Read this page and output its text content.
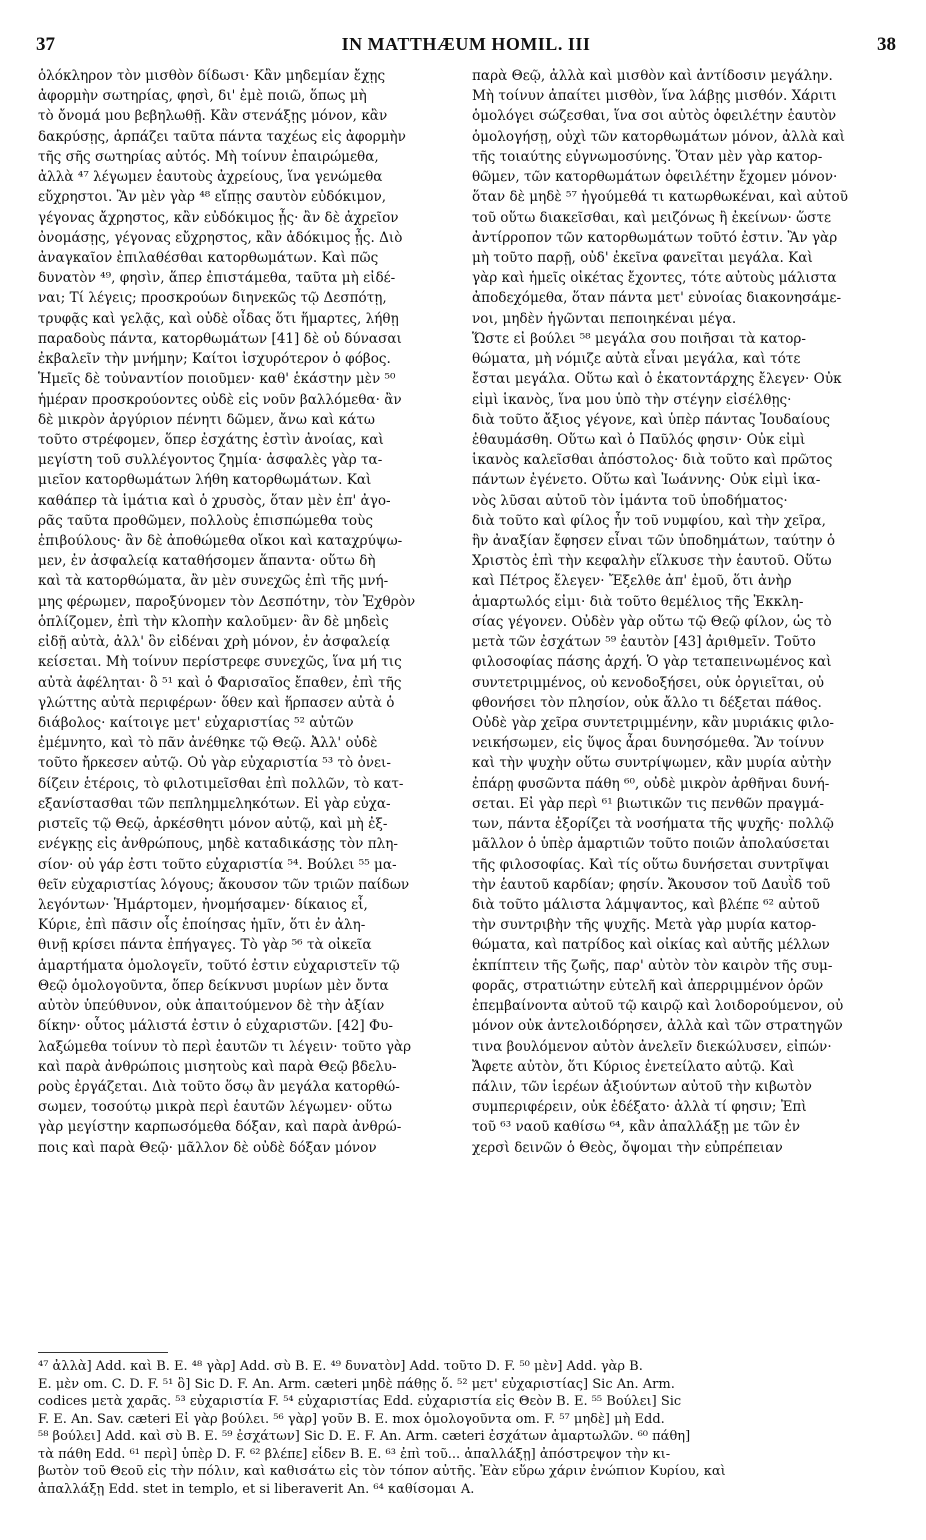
37	IN MATTHÆUM HOMIL. III	38

ὁλόκληρον τὸν μισθὸν δίδωσι· Κἂν μηδεμίαν ἔχῃς

ἀφορμὴν σωτηρίας, φησὶ, δι' ἐμὲ ποιῶ, ὅπως μὴ

τὸ ὄνομά μου βεβηλωθῇ. Κἂν στενάξῃς μόνον, κἂν

δακρύσῃς, ἁρπάζει ταῦτα πάντα ταχέως εἰς ἀφορμὴν

τῆς σῆς σωτηρίας αὐτός. Μὴ τοίνυν ἐπαιρώμεθα,

ἀλλὰ ⁴⁷ λέγωμεν ἑαυτοὺς ἀχρείους, ἵνα γενώμεθα

εὔχρηστοι. Ἂν μὲν γὰρ ⁴⁸ εἴπῃς σαυτὸν εὐδόκιμον,

γέγονας ἄχρηστος, κἂν εὐδόκιμος ᾖς· ἂν δὲ ἀχρεῖον

ὀνομάσῃς, γέγονας εὔχρηστος, κἂν ἀδόκιμος ᾖς. Διὸ

ἀναγκαῖον ἐπιλαθέσθαι κατορθωμάτων. Καὶ πῶς

δυνατὸν ⁴⁹, φησὶν, ἅπερ ἐπιστάμεθα, ταῦτα μὴ εἰδέ-

ναι; Τί λέγεις; προσκρούων διηνεκῶς τῷ Δεσπότῃ,

τρυφᾷς καὶ γελᾷς, καὶ οὐδὲ οἶδας ὅτι ἥμαρτες, λήθῃ

παραδοὺς πάντα, κατορθωμάτων [41] δὲ οὐ δύνασαι

ἐκβαλεῖν τὴν μνήμην; Καίτοι ἰσχυρότερον ὁ φόβος.

Ἡμεῖς δὲ τοὐναντίον ποιοῦμεν· καθ' ἑκάστην μὲν ⁵⁰

ἡμέραν προσκρούοντες οὐδὲ εἰς νοῦν βαλλόμεθα· ἂν

δὲ μικρὸν ἀργύριον πένητι δῶμεν, ἄνω καὶ κάτω

τοῦτο στρέφομεν, ὅπερ ἐσχάτης ἐστὶν ἀνοίας, καὶ

μεγίστη τοῦ συλλέγοντος ζημία· ἀσφαλὲς γὰρ τα-

μιεῖον κατορθωμάτων λήθη κατορθωμάτων. Καὶ

καθάπερ τὰ ἱμάτια καὶ ὁ χρυσὸς, ὅταν μὲν ἐπ' ἀγο-

ρᾶς ταῦτα προθῶμεν, πολλοὺς ἐπισπώμεθα τοὺς

ἐπιβούλους· ἂν δὲ ἀποθώμεθα οἴκοι καὶ καταχρύψω-

μεν, ἐν ἀσφαλείᾳ καταθήσομεν ἅπαντα· οὕτω δὴ

καὶ τὰ κατορθώματα, ἂν μὲν συνεχῶς ἐπὶ τῆς μνή-

μης φέρωμεν, παροξύνομεν τὸν Δεσπότην, τὸν Ἐχθρὸν

ὁπλίζομεν, ἐπὶ τὴν κλοπὴν καλοῦμεν· ἂν δὲ μηδεὶς

εἰδῇ αὐτὰ, ἀλλ' ὃν εἰδέναι χρὴ μόνον, ἐν ἀσφαλείᾳ

κείσεται. Μὴ τοίνυν περίστρεφε συνεχῶς, ἵνα μή τις

αὐτὰ ἀφέληται· ὃ ⁵¹ καὶ ὁ Φαρισαῖος ἔπαθεν, ἐπὶ τῆς

γλώττης αὐτὰ περιφέρων· ὅθεν καὶ ἥρπασεν αὐτὰ ὁ

διάβολος· καίτοιγε μετ' εὐχαριστίας ⁵² αὐτῶν

ἐμέμνητο, καὶ τὸ πᾶν ἀνέθηκε τῷ Θεῷ. Ἀλλ' οὐδὲ

τοῦτο ἤρκεσεν αὐτῷ. Οὐ γὰρ εὐχαριστία ⁵³ τὸ ὀνει-

δίζειν ἑτέροις, τὸ φιλοτιμεῖσθαι ἐπὶ πολλῶν, τὸ κατ-

εξανίστασθαι τῶν πεπλημμεληκότων. Εἰ γὰρ εὐχα-

ριστεῖς τῷ Θεῷ, ἀρκέσθητι μόνον αὐτῷ, καὶ μὴ ἐξ-

ενέγκῃς εἰς ἀνθρώπους, μηδὲ καταδικάσῃς τὸν πλη-

σίον· οὐ γάρ ἐστι τοῦτο εὐχαριστία ⁵⁴. Βούλει ⁵⁵ μα-

θεῖν εὐχαριστίας λόγους; ἄκουσον τῶν τριῶν παίδων

λεγόντων· Ἡμάρτομεν, ἠνομήσαμεν· δίκαιος εἶ,

Κύριε, ἐπὶ πᾶσιν οἷς ἐποίησας ἡμῖν, ὅτι ἐν ἀλη-

θινῇ κρίσει πάντα ἐπήγαγες. Τὸ γὰρ ⁵⁶ τὰ οἰκεῖα

ἁμαρτήματα ὁμολογεῖν, τοῦτό ἐστιν εὐχαριστεῖν τῷ

Θεῷ ὁμολογοῦντα, ὅπερ δείκνυσι μυρίων μὲν ὄντα

αὐτὸν ὑπεύθυνον, οὐκ ἀπαιτούμενον δὲ τὴν ἀξίαν

δίκην· οὗτος μάλιστά ἐστιν ὁ εὐχαριστῶν. [42] Φυ-

λαξώμεθα τοίνυν τὸ περὶ ἑαυτῶν τι λέγειν· τοῦτο γὰρ

καὶ παρὰ ἀνθρώποις μισητοὺς καὶ παρὰ Θεῷ βδελυ-

ροὺς ἐργάζεται. Διὰ τοῦτο ὅσῳ ἂν μεγάλα κατορθώ-

σωμεν, τοσούτῳ μικρὰ περὶ ἑαυτῶν λέγωμεν· οὕτω

γὰρ μεγίστην καρπωσόμεθα δόξαν, καὶ παρὰ ἀνθρώ-

ποις καὶ παρὰ Θεῷ· μᾶλλον δὲ οὐδὲ δόξαν μόνον

παρὰ Θεῷ, ἀλλὰ καὶ μισθὸν καὶ ἀντίδοσιν μεγάλην.

Μὴ τοίνυν ἀπαίτει μισθὸν, ἵνα λάβῃς μισθόν. Χάριτι

ὁμολόγει σώζεσθαι, ἵνα σοι αὐτὸς ὀφειλέτην ἑαυτὸν

ὁμολογήσῃ, οὐχὶ τῶν κατορθωμάτων μόνον, ἀλλὰ καὶ

τῆς τοιαύτης εὐγνωμοσύνης. Ὅταν μὲν γὰρ κατορ-

θῶμεν, τῶν κατορθωμάτων ὀφειλέτην ἔχομεν μόνον·

ὅταν δὲ μηδὲ ⁵⁷ ἡγούμεθά τι κατωρθωκέναι, καὶ αὐτοῦ

τοῦ οὕτω διακεῖσθαι, καὶ μειζόνως ἢ ἐκείνων· ὥστε

ἀντίρροπον τῶν κατορθωμάτων τοῦτό ἐστιν. Ἂν γὰρ

μὴ τοῦτο παρῇ, οὐδ' ἐκεῖνα φανεῖται μεγάλα. Καὶ

γὰρ καὶ ἡμεῖς οἰκέτας ἔχοντες, τότε αὐτοὺς μάλιστα

ἀποδεχόμεθα, ὅταν πάντα μετ' εὐνοίας διακονησάμε-

νοι, μηδὲν ἡγῶνται πεποιηκέναι μέγα.

Ὥστε εἰ βούλει ⁵⁸ μεγάλα σου ποιῆσαι τὰ κατορ-

θώματα, μὴ νόμιζε αὐτὰ εἶναι μεγάλα, καὶ τότε

ἔσται μεγάλα. Οὕτω καὶ ὁ ἑκατοντάρχης ἔλεγεν· Οὐκ

εἰμὶ ἱκανὸς, ἵνα μου ὑπὸ τὴν στέγην εἰσέλθῃς·

διὰ τοῦτο ἄξιος γέγονε, καὶ ὑπὲρ πάντας Ἰουδαίους

ἐθαυμάσθη. Οὕτω καὶ ὁ Παῦλός φησιν· Οὐκ εἰμὶ

ἱκανὸς καλεῖσθαι ἀπόστολος· διὰ τοῦτο καὶ πρῶτος

πάντων ἐγένετο. Οὕτω καὶ Ἰωάννης· Οὐκ εἰμὶ ἱκα-

νὸς λῦσαι αὐτοῦ τὸν ἱμάντα τοῦ ὑποδήματος·

διὰ τοῦτο καὶ φίλος ἦν τοῦ νυμφίου, καὶ τὴν χεῖρα,

ἣν ἀναξίαν ἔφησεν εἶναι τῶν ὑποδημάτων, ταύτην ὁ

Χριστὸς ἐπὶ τὴν κεφαλὴν εἵλκυσε τὴν ἑαυτοῦ. Οὕτω

καὶ Πέτρος ἔλεγεν· Ἔξελθε ἀπ' ἐμοῦ, ὅτι ἀνὴρ

ἁμαρτωλός εἰμι· διὰ τοῦτο θεμέλιος τῆς Ἐκκλη-

σίας γέγονεν. Οὐδὲν γὰρ οὕτω τῷ Θεῷ φίλον, ὡς τὸ

μετὰ τῶν ἐσχάτων ⁵⁹ ἑαυτὸν [43] ἀριθμεῖν. Τοῦτο

φιλοσοφίας πάσης ἀρχή. Ὁ γὰρ τεταπεινωμένος καὶ

συντετριμμένος, οὐ κενοδοξήσει, οὐκ ὀργιεῖται, οὐ

φθονήσει τὸν πλησίον, οὐκ ἄλλο τι δέξεται πάθος.

Οὐδὲ γὰρ χεῖρα συντετριμμένην, κἂν μυριάκις φιλο-

νεικήσωμεν, εἰς ὕψος ἆραι δυνησόμεθα. Ἂν τοίνυν

καὶ τὴν ψυχὴν οὕτω συντρίψωμεν, κἂν μυρία αὐτὴν

ἐπάρῃ φυσῶντα πάθη ⁶⁰, οὐδὲ μικρὸν ἀρθῆναι δυνή-

σεται. Εἰ γὰρ περὶ ⁶¹ βιωτικῶν τις πενθῶν πραγμά-

των, πάντα ἐξορίζει τὰ νοσήματα τῆς ψυχῆς· πολλῷ

μᾶλλον ὁ ὑπὲρ ἁμαρτιῶν τοῦτο ποιῶν ἀπολαύσεται

τῆς φιλοσοφίας. Καὶ τίς οὕτω δυνήσεται συντρῖψαι

τὴν ἑαυτοῦ καρδίαν; φησίν. Ἄκουσον τοῦ Δαυῒδ τοῦ

διὰ τοῦτο μάλιστα λάμψαντος, καὶ βλέπε ⁶² αὐτοῦ

τὴν συντριβὴν τῆς ψυχῆς. Μετὰ γὰρ μυρία κατορ-

θώματα, καὶ πατρίδος καὶ οἰκίας καὶ αὐτῆς μέλλων

ἐκπίπτειν τῆς ζωῆς, παρ' αὐτὸν τὸν καιρὸν τῆς συμ-

φορᾶς, στρατιώτην εὐτελῆ καὶ ἀπερριμμένον ὁρῶν

ἐπεμβαίνοντα αὐτοῦ τῷ καιρῷ καὶ λοιδορούμενον, οὐ

μόνον οὐκ ἀντελοιδόρησεν, ἀλλὰ καὶ τῶν στρατηγῶν

τινα βουλόμενον αὐτὸν ἀνελεῖν διεκώλυσεν, εἰπών·

Ἄφετε αὐτὸν, ὅτι Κύριος ἐνετείλατο αὐτῷ. Καὶ

πάλιν, τῶν ἱερέων ἀξιούντων αὐτοῦ τὴν κιβωτὸν

συμπεριφέρειν, οὐκ ἐδέξατο· ἀλλὰ τί φησιν; Ἐπὶ

τοῦ ⁶³ ναοῦ καθίσω ⁶⁴, κἂν ἀπαλλάξῃ με τῶν ἐν

χερσὶ δεινῶν ὁ Θεὸς, ὄψομαι τὴν εὐπρέπειαν

⁴⁷ ἀλλὰ] Add. καὶ B. E. ⁴⁸ γὰρ] Add. σὺ B. E. ⁴⁹ δυνατὸν] Add. τοῦτο D. F. ⁵⁰ μὲν] Add. γὰρ B.

E. μὲν om. C. D. F. ⁵¹ ὃ] Sic D. F. An. Arm. cæteri μηδὲ πάθῃς ὅ. ⁵² μετ' εὐχαριστίας] Sic An. Arm.

codices μετὰ χαρᾶς. ⁵³ εὐχαριστία F. ⁵⁴ εὐχαριστίας Edd. εὐχαριστία εἰς Θεὸν B. E. ⁵⁵ Βούλει] Sic

F. E. An. Sav. cæteri Εἰ γὰρ βούλει. ⁵⁶ γὰρ] γοῦν B. E. mox ὁμολογοῦντα om. F. ⁵⁷ μηδὲ] μὴ Edd.

⁵⁸ βούλει] Add. καὶ σὺ B. E. ⁵⁹ ἐσχάτων] Sic D. E. F. An. Arm. cæteri ἐσχάτων ἁμαρτωλῶν. ⁶⁰ πάθη]

τὰ πάθη Edd. ⁶¹ περὶ] ὑπὲρ D. F. ⁶² βλέπε] εἶδεν B. E. ⁶³ ἐπὶ τοῦ... ἀπαλλάξῃ] ἀπόστρεψον τὴν κι-

βωτὸν τοῦ Θεοῦ εἰς τὴν πόλιν, καὶ καθισάτω εἰς τὸν τόπον αὐτῆς. Ἐὰν εὕρω χάριν ἐνώπιον Κυρίου, καὶ

ἀπαλλάξῃ Edd. stet in templo, et si liberaverit An. ⁶⁴ καθίσομαι A.
